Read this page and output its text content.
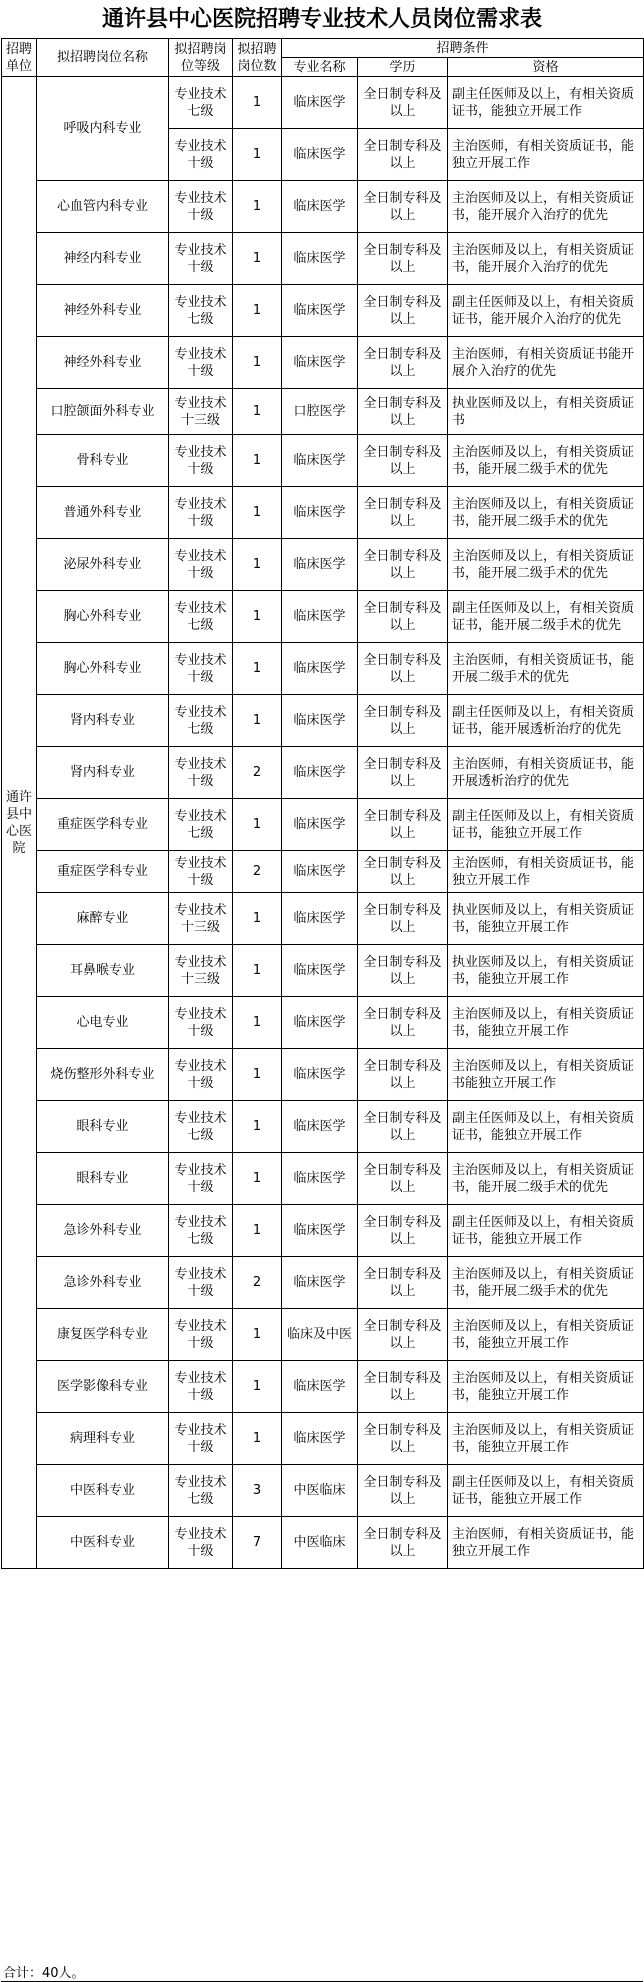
通许县中心医院招聘专业技术人员岗位需求表
招聘单位	拟招聘岗位名称	拟招聘岗位等级	拟招聘岗位数	招聘条件		
				专业名称	学历	资格
通许县中心医院	呼吸内科专业	专业技术七级	1	临床医学	全日制专科及以上	副主任医师及以上，有相关资质证书，能独立开展工作
		专业技术十级	1	临床医学	全日制专科及以上	主治医师，有相关资质证书，能独立开展工作
	心血管内科专业	专业技术十级	1	临床医学	全日制专科及以上	主治医师及以上，有相关资质证书，能开展介入治疗的优先
	神经内科专业	专业技术十级	1	临床医学	全日制专科及以上	主治医师及以上，有相关资质证书，能开展介入治疗的优先
	神经外科专业	专业技术七级	1	临床医学	全日制专科及以上	副主任医师及以上，有相关资质证书，能开展介入治疗的优先
	神经外科专业	专业技术十级	1	临床医学	全日制专科及以上	主治医师，有相关资质证书能开展介入治疗的优先
	口腔颌面外科专业	专业技术十三级	1	口腔医学	全日制专科及以上	执业医师及以上，有相关资质证书
	骨科专业	专业技术十级	1	临床医学	全日制专科及以上	主治医师及以上，有相关资质证书，能开展二级手术的优先
	普通外科专业	专业技术十级	1	临床医学	全日制专科及以上	主治医师及以上，有相关资质证书，能开展二级手术的优先
	泌尿外科专业	专业技术十级	1	临床医学	全日制专科及以上	主治医师及以上，有相关资质证书，能开展二级手术的优先
	胸心外科专业	专业技术七级	1	临床医学	全日制专科及以上	副主任医师及以上，有相关资质证书，能开展二级手术的优先
	胸心外科专业	专业技术十级	1	临床医学	全日制专科及以上	主治医师，有相关资质证书，能开展二级手术的优先
	肾内科专业	专业技术七级	1	临床医学	全日制专科及以上	副主任医师及以上，有相关资质证书，能开展透析治疗的优先
	肾内科专业	专业技术十级	2	临床医学	全日制专科及以上	主治医师，有相关资质证书，能开展透析治疗的优先
	重症医学科专业	专业技术七级	1	临床医学	全日制专科及以上	副主任医师及以上，有相关资质证书，能独立开展工作
	重症医学科专业	专业技术十级	2	临床医学	全日制专科及以上	主治医师，有相关资质证书，能独立开展工作
	麻醉专业	专业技术十三级	1	临床医学	全日制专科及以上	执业医师及以上，有相关资质证书，能独立开展工作
	耳鼻喉专业	专业技术十三级	1	临床医学	全日制专科及以上	执业医师及以上，有相关资质证书，能独立开展工作
	心电专业	专业技术十级	1	临床医学	全日制专科及以上	主治医师及以上，有相关资质证书，能独立开展工作
	烧伤整形外科专业	专业技术十级	1	临床医学	全日制专科及以上	主治医师及以上，有相关资质证书能独立开展工作
	眼科专业	专业技术七级	1	临床医学	全日制专科及以上	副主任医师及以上，有相关资质证书，能独立开展工作
	眼科专业	专业技术十级	1	临床医学	全日制专科及以上	主治医师及以上，有相关资质证书，能开展二级手术的优先
	急诊外科专业	专业技术七级	1	临床医学	全日制专科及以上	副主任医师及以上，有相关资质证书，能独立开展工作
	急诊外科专业	专业技术十级	2	临床医学	全日制专科及以上	主治医师及以上，有相关资质证书，能开展二级手术的优先
	康复医学科专业	专业技术十级	1	临床及中医	全日制专科及以上	主治医师及以上，有相关资质证书，能独立开展工作
	医学影像科专业	专业技术十级	1	临床医学	全日制专科及以上	主治医师及以上，有相关资质证书，能独立开展工作
	病理科专业	专业技术十级	1	临床医学	全日制专科及以上	主治医师及以上，有相关资质证书，能独立开展工作
	中医科专业	专业技术七级	3	中医临床	全日制专科及以上	副主任医师及以上，有相关资质证书，能独立开展工作
	中医科专业	专业技术十级	7	中医临床	全日制专科及以上	主治医师，有相关资质证书，能独立开展工作
合计：40人。
